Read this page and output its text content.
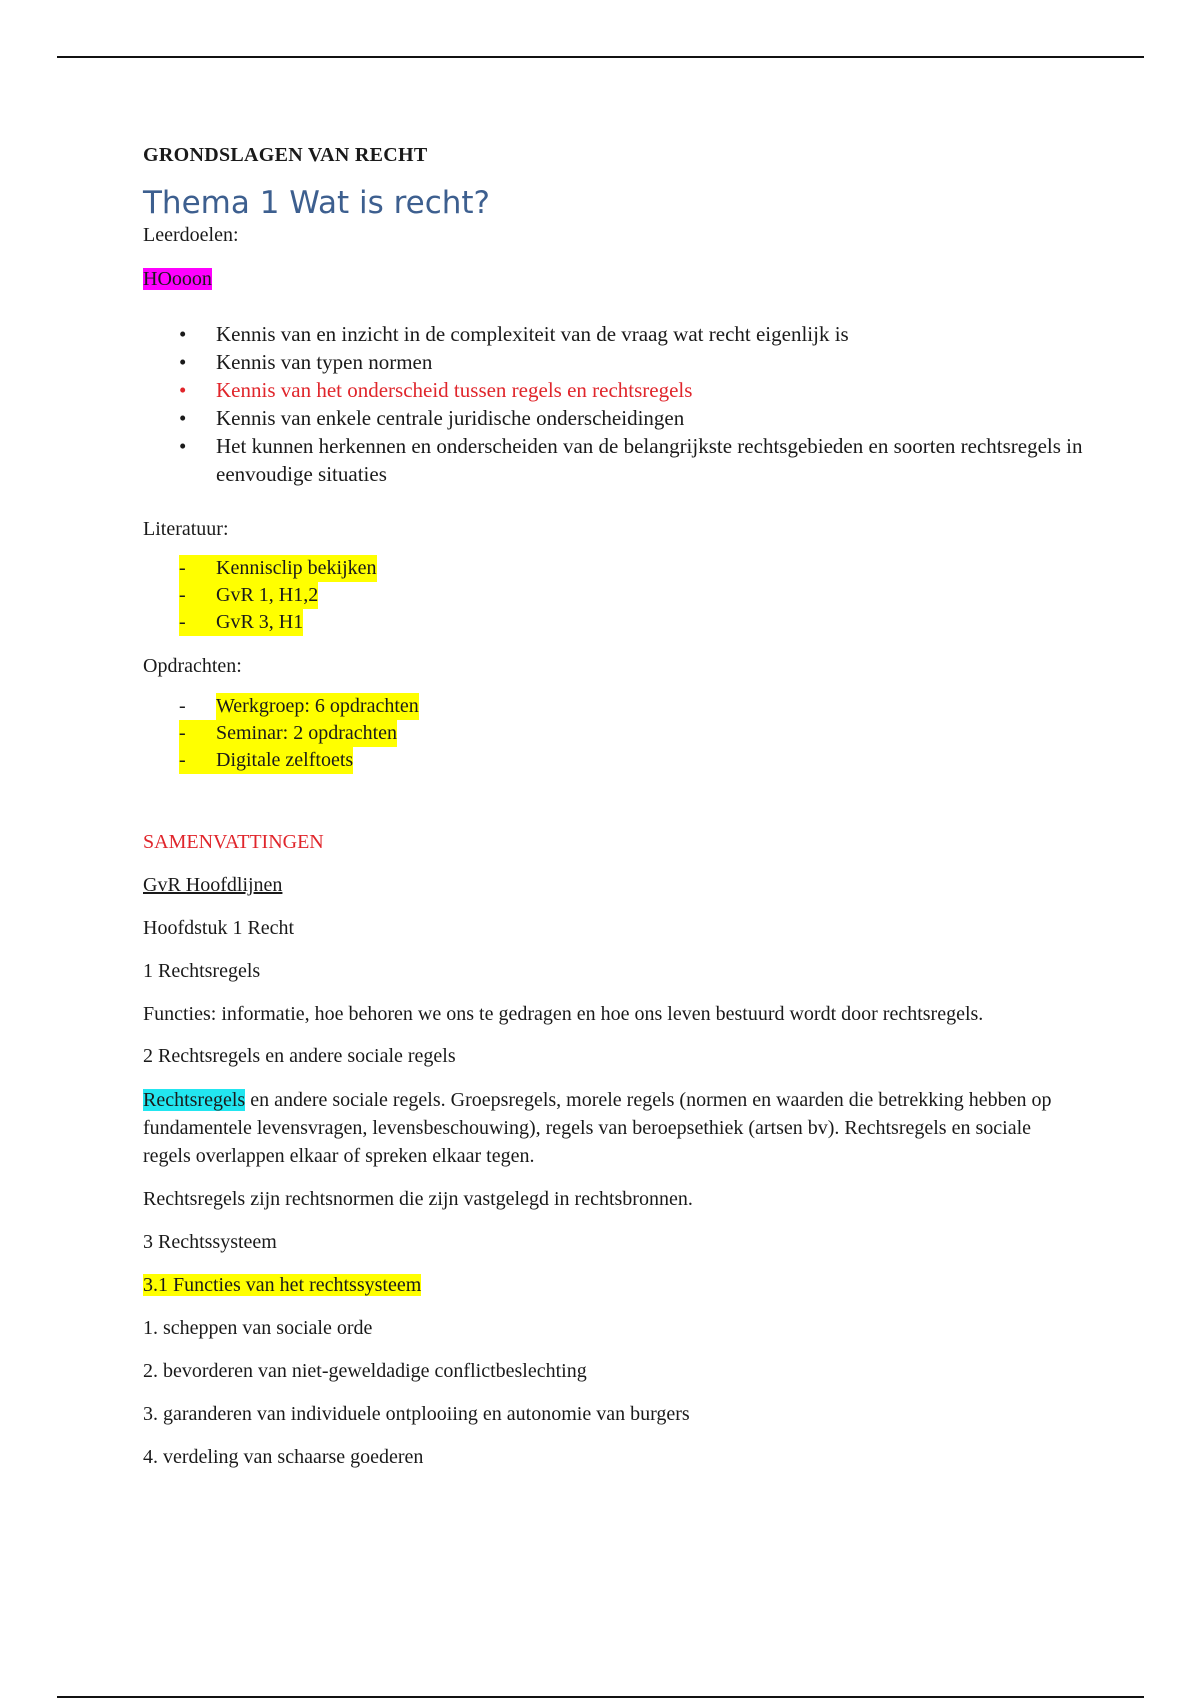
GRONDSLAGEN VAN RECHT

Thema 1 Wat is recht?

Leerdoelen:

HOooon

• Kennis van en inzicht in de complexiteit van de vraag wat recht eigenlijk is
• Kennis van typen normen
• Kennis van het onderscheid tussen regels en rechtsregels
• Kennis van enkele centrale juridische onderscheidingen
• Het kunnen herkennen en onderscheiden van de belangrijkste rechtsgebieden en soorten rechtsregels in eenvoudige situaties

Literatuur:

-	Kennisclip bekijken
-	GvR 1, H1,2
-	GvR 3, H1

Opdrachten:

-	Werkgroep: 6 opdrachten
-	Seminar: 2 opdrachten
-	Digitale zelftoets

SAMENVATTINGEN

GvR Hoofdlijnen

Hoofdstuk 1 Recht

1 Rechtsregels

Functies: informatie, hoe behoren we ons te gedragen en hoe ons leven bestuurd wordt door rechtsregels.

2 Rechtsregels en andere sociale regels

Rechtsregels en andere sociale regels. Groepsregels, morele regels (normen en waarden die betrekking hebben op fundamentele levensvragen, levensbeschouwing), regels van beroepsethiek (artsen bv). Rechtsregels en sociale regels overlappen elkaar of spreken elkaar tegen.

Rechtsregels zijn rechtsnormen die zijn vastgelegd in rechtsbronnen.

3 Rechtssysteem

3.1 Functies van het rechtssysteem

1. scheppen van sociale orde

2. bevorderen van niet-geweldadige conflictbeslechting

3. garanderen van individuele ontplooiing en autonomie van burgers

4. verdeling van schaarse goederen
